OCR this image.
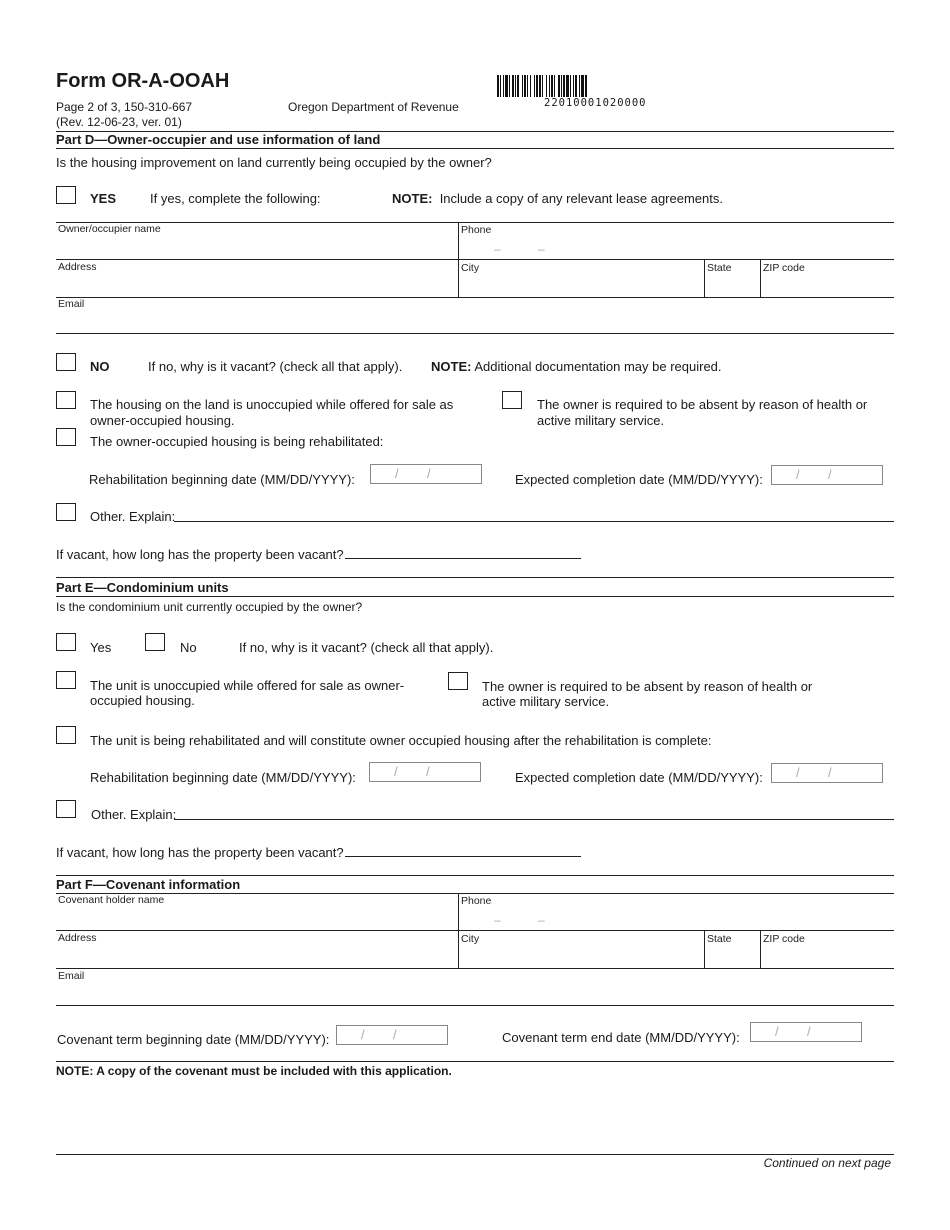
Form OR-A-OOAH
Page 2 of 3, 150-310-667
(Rev. 12-06-23, ver. 01)
Oregon Department of Revenue	22010001020000
Part D—Owner-occupier and use information of land
Is the housing improvement on land currently being occupied by the owner?
YES	If yes, complete the following:	NOTE: Include a copy of any relevant lease agreements.
Owner/occupier name	Phone
–	–
Address	City	State	ZIP code
Email
NO	If no, why is it vacant? (check all that apply). NOTE: Additional documentation may be required.
The housing on the land is unoccupied while offered for sale as
owner-occupied housing.
The owner is required to be absent by reason of health or
active military service.
The owner-occupied housing is being rehabilitated:
Rehabilitation beginning date (MM/DD/YYYY):	/ /	Expected completion date (MM/DD/YYYY):	/ /
Other. Explain:
If vacant, how long has the property been vacant?
Part E—Condominium units
Is the condominium unit currently occupied by the owner?
Yes	No	If no, why is it vacant? (check all that apply).
The unit is unoccupied while offered for sale as owner-
occupied housing.
The owner is required to be absent by reason of health or
active military service.
The unit is being rehabilitated and will constitute owner occupied housing after the rehabilitation is complete:
Rehabilitation beginning date (MM/DD/YYYY):	/ /	Expected completion date (MM/DD/YYYY):	/ /
Other. Explain:
If vacant, how long has the property been vacant?
Part F—Covenant information
Covenant holder name	Phone
–	–
Address	City	State	ZIP code
Email
Covenant term beginning date (MM/DD/YYYY): / /	Covenant term end date (MM/DD/YYYY):	/ /
NOTE: A copy of the covenant must be included with this application.
Continued on next page
